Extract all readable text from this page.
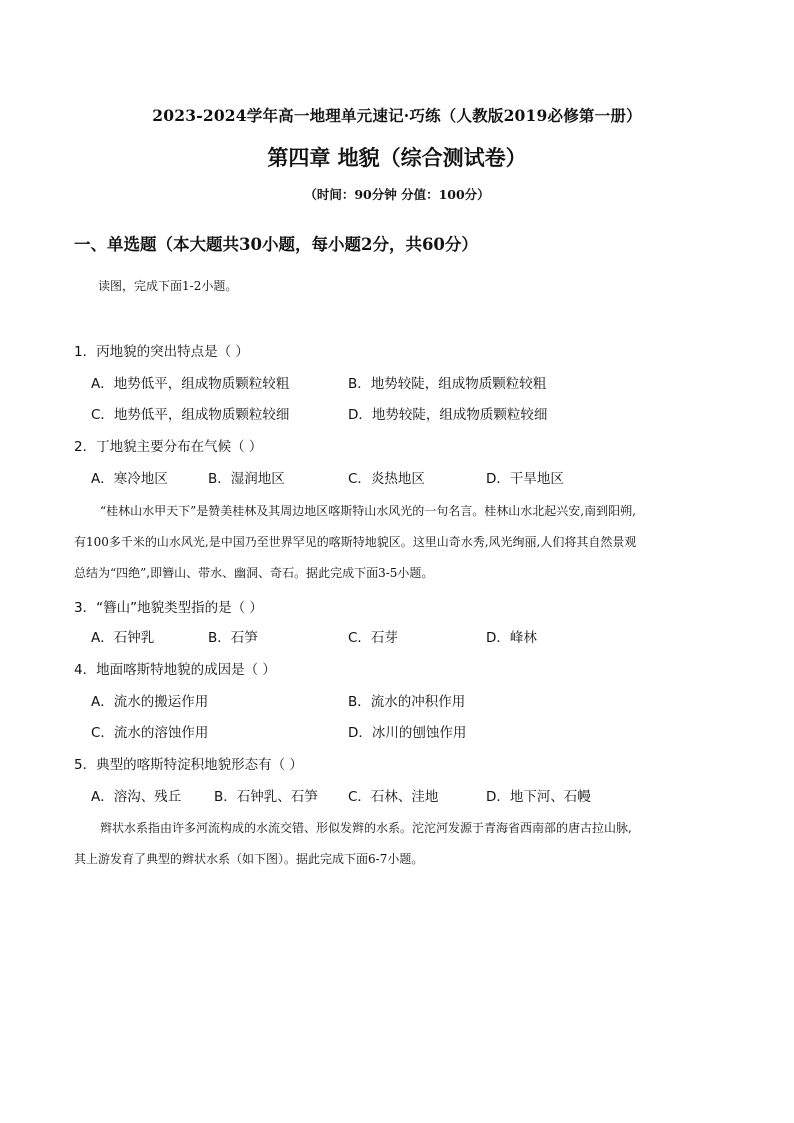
2023-2024学年高一地理单元速记·巧练（人教版2019必修第一册）
第四章 地貌（综合测试卷）
（时间：90分钟 分值：100分）
一、单选题（本大题共30小题，每小题2分，共60分）
读图，完成下面1-2小题。
1．丙地貌的突出特点是（ ）
A．地势低平，组成物质颗粒较粗	B．地势较陡，组成物质颗粒较粗
C．地势低平，组成物质颗粒较细	D．地势较陡，组成物质颗粒较细
2．丁地貌主要分布在气候（ ）
A．寒冷地区	B．湿润地区	C．炎热地区	D．干旱地区
“桂林山水甲天下”是赞美桂林及其周边地区喀斯特山水风光的一句名言。桂林山水北起兴安,南到阳朔,
有100多千米的山水风光,是中国乃至世界罕见的喀斯特地貌区。这里山奇水秀,风光绚丽,人们将其自然景观
总结为“四绝”,即簪山、带水、幽洞、奇石。据此完成下面3-5小题。
3．“簪山”地貌类型指的是（ ）
A．石钟乳	B．石笋	C．石芽	D．峰林
4．地面喀斯特地貌的成因是（ ）
A．流水的搬运作用	B．流水的冲积作用
C．流水的溶蚀作用	D．冰川的刨蚀作用
5．典型的喀斯特淀积地貌形态有（ ）
A．溶沟、残丘 B．石钟乳、石笋 C．石林、洼地	D．地下河、石幔
辫状水系指由许多河流构成的水流交错、形似发辫的水系。沱沱河发源于青海省西南部的唐古拉山脉,
其上游发育了典型的辫状水系（如下图）。据此完成下面6-7小题。
